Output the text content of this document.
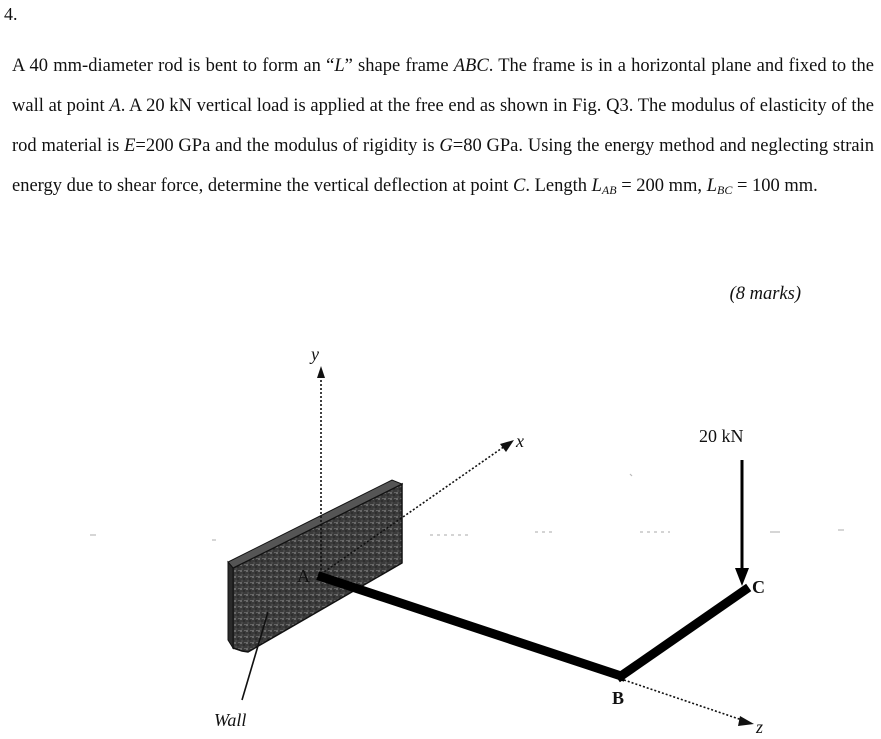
4.
A 40 mm-diameter rod is bent to form an “L” shape frame ABC. The frame is in a horizontal plane and fixed to the wall at point A. A 20 kN vertical load is applied at the free end as shown in Fig. Q3. The modulus of elasticity of the rod material is E=200 GPa and the modulus of rigidity is G=80 GPa. Using the energy method and neglecting strain energy due to shear force, determine the vertical deflection at point C. Length $L_{AB} = 200$ mm, $L_{BC} = 100$ mm.
(8 marks)
y
x
z
A
B
C
20 kN
Wall
